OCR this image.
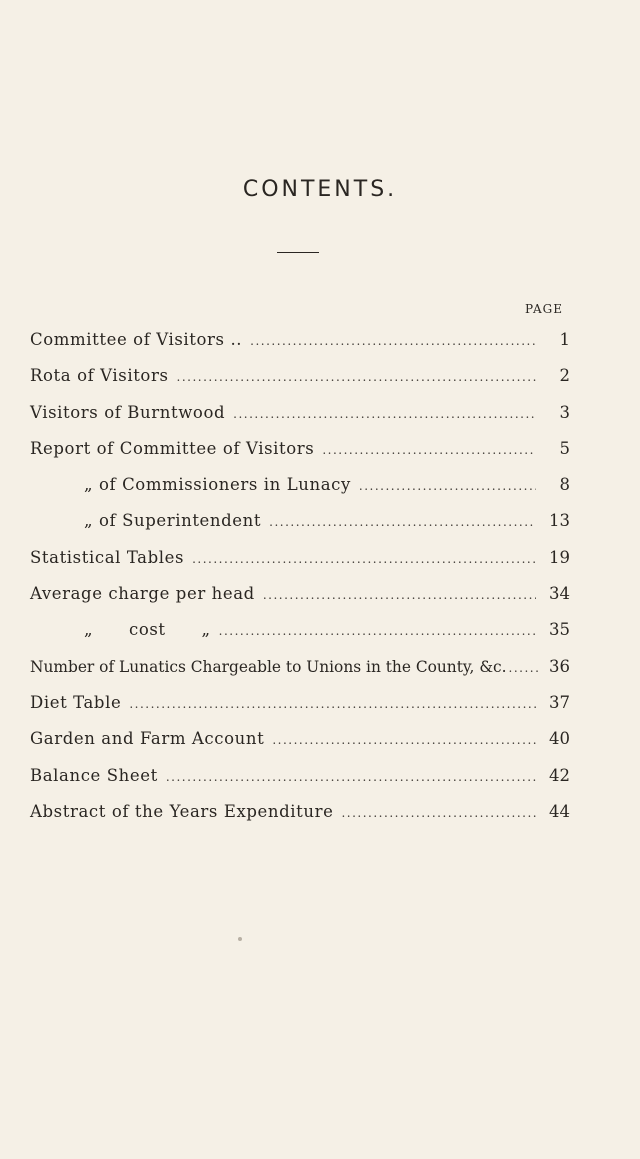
CONTENTS.
PAGE
Committee of Visitors .. .....	1
Rota of Visitors .....	2
Visitors of Burntwood .....	3
Report of Committee of Visitors .....	5
„ of Commissioners in Lunacy .....	8
„ of Superintendent .....	13
Statistical Tables .....	19
Average charge per head .....	34
„ cost „ .....	35
Number of Lunatics Chargeable to Unions in the County, &c. .....	36
Diet Table .....	37
Garden and Farm Account .....	40
Balance Sheet .....	42
Abstract of the Years Expenditure .....	44
